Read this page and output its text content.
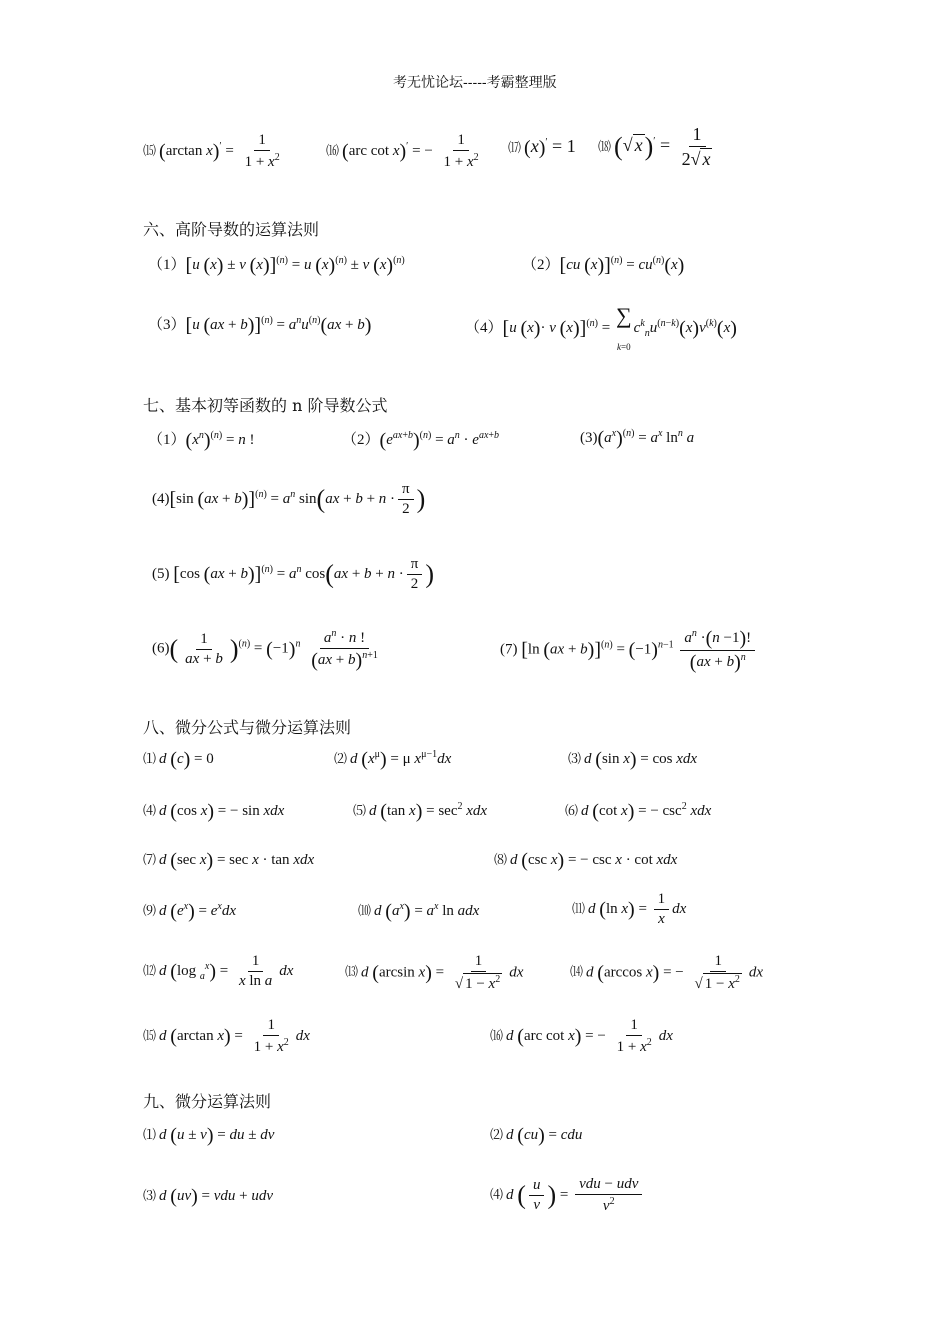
考无忧论坛-----考霸整理版
⒂ (arctan $x)' = \frac{1}{1 + x^2}$	⒃ (arc cot x)′ = − $\frac{1}{1 + x^2}$ ⒄ (x)′ = 1 ⒅ ( √ x )$' = \frac{1}{2 √ x}$
六、高阶导数的运算法则
（1）[u (x) ± v (x)]$^{(n)}$ = u $(x)^{(n)} \pm v$ $(x)^{(n)}$	（2）[cu $(x)]^{(n)} = cu^{(n)}(x)$
（3）[u $(ax + b)]^{(n)} = a^nu^{(n)}(ax + b)$	（4）[u (x)· v (x)]$^{(n)}$ = ∑
k=0
$c^k_nu^{(n-k)}(x)v^{(k)}(x)$
七、基本初等函数的 n 阶导数公式
$(1)(x^n)^{(n)} = n$ !	$(2)(e^{ax+b})^{(n)} = a^n \cdot e^{ax+b}$	$(3)(a^x)^{(n)} = a^x$ $\ln^n a$
(4)[sin $(ax + b)]^{(n)} = a^n$ $\sin(ax + b + n \cdot \frac{\pi}{2}$ )
(5) [cos $(ax + b)]^{(n)} = a^n$ $\cos(ax + b + n \cdot \frac{\pi}{2}$ )
$(6)( \frac{1}{ax + b} )^{(n)} = (-1)^n \frac{a^n \cdot n !}{(ax + b)^{n+1}}$	(7) [ln $(ax + b)]^{(n)} = (-1)^{n-1} \frac{a^n \cdot(n -1)!}{(ax + b)^n}$
八、微分公式与微分运算法则
⑴ d (c) = 0	⑵ d $(x^\mu) = \mu$ $x^{\mu-1}dx$	⑶ d (sin x) = cos xdx
⑷ d (cos x) = − sin xdx	⑸ d (tan $x) = \sec^2$ xdx	⑹ d (cot x) = − $\csc^2$ xdx
⑺ d (sec x) = sec x · tan xdx	⑻ d (csc x) = − csc x · cot xdx
⑼ d $(e^x) = e^xdx$	⑽ d $(a^x) = a^x$ ln adx	⑾ d (ln $x) = \frac{1}{x}$ dx
⑿ d (log $_a^x) = \frac{1}{\text{x ln a}}$ dx	⒀ d (arcsin $x) = \frac{1}{√ 1 - x^2}$ dx	⒁ d (arccos x) = − $\frac{1}{√ 1 - x^2}$ dx
⒂ d (arctan $x) = \frac{1}{1 + x^2}$ dx	⒃ d (arc cot x) = − $\frac{1}{1 + x^2}$ dx
九、微分运算法则
⑴ d (u ± v) = du ± dv	⑵ d (cu) = cdu
⑶ d (uv) = vdu + udv	⑷ d ( $\frac{u}{v}$ ) = $\frac{\text{vdu − udv}}{v^2}$
